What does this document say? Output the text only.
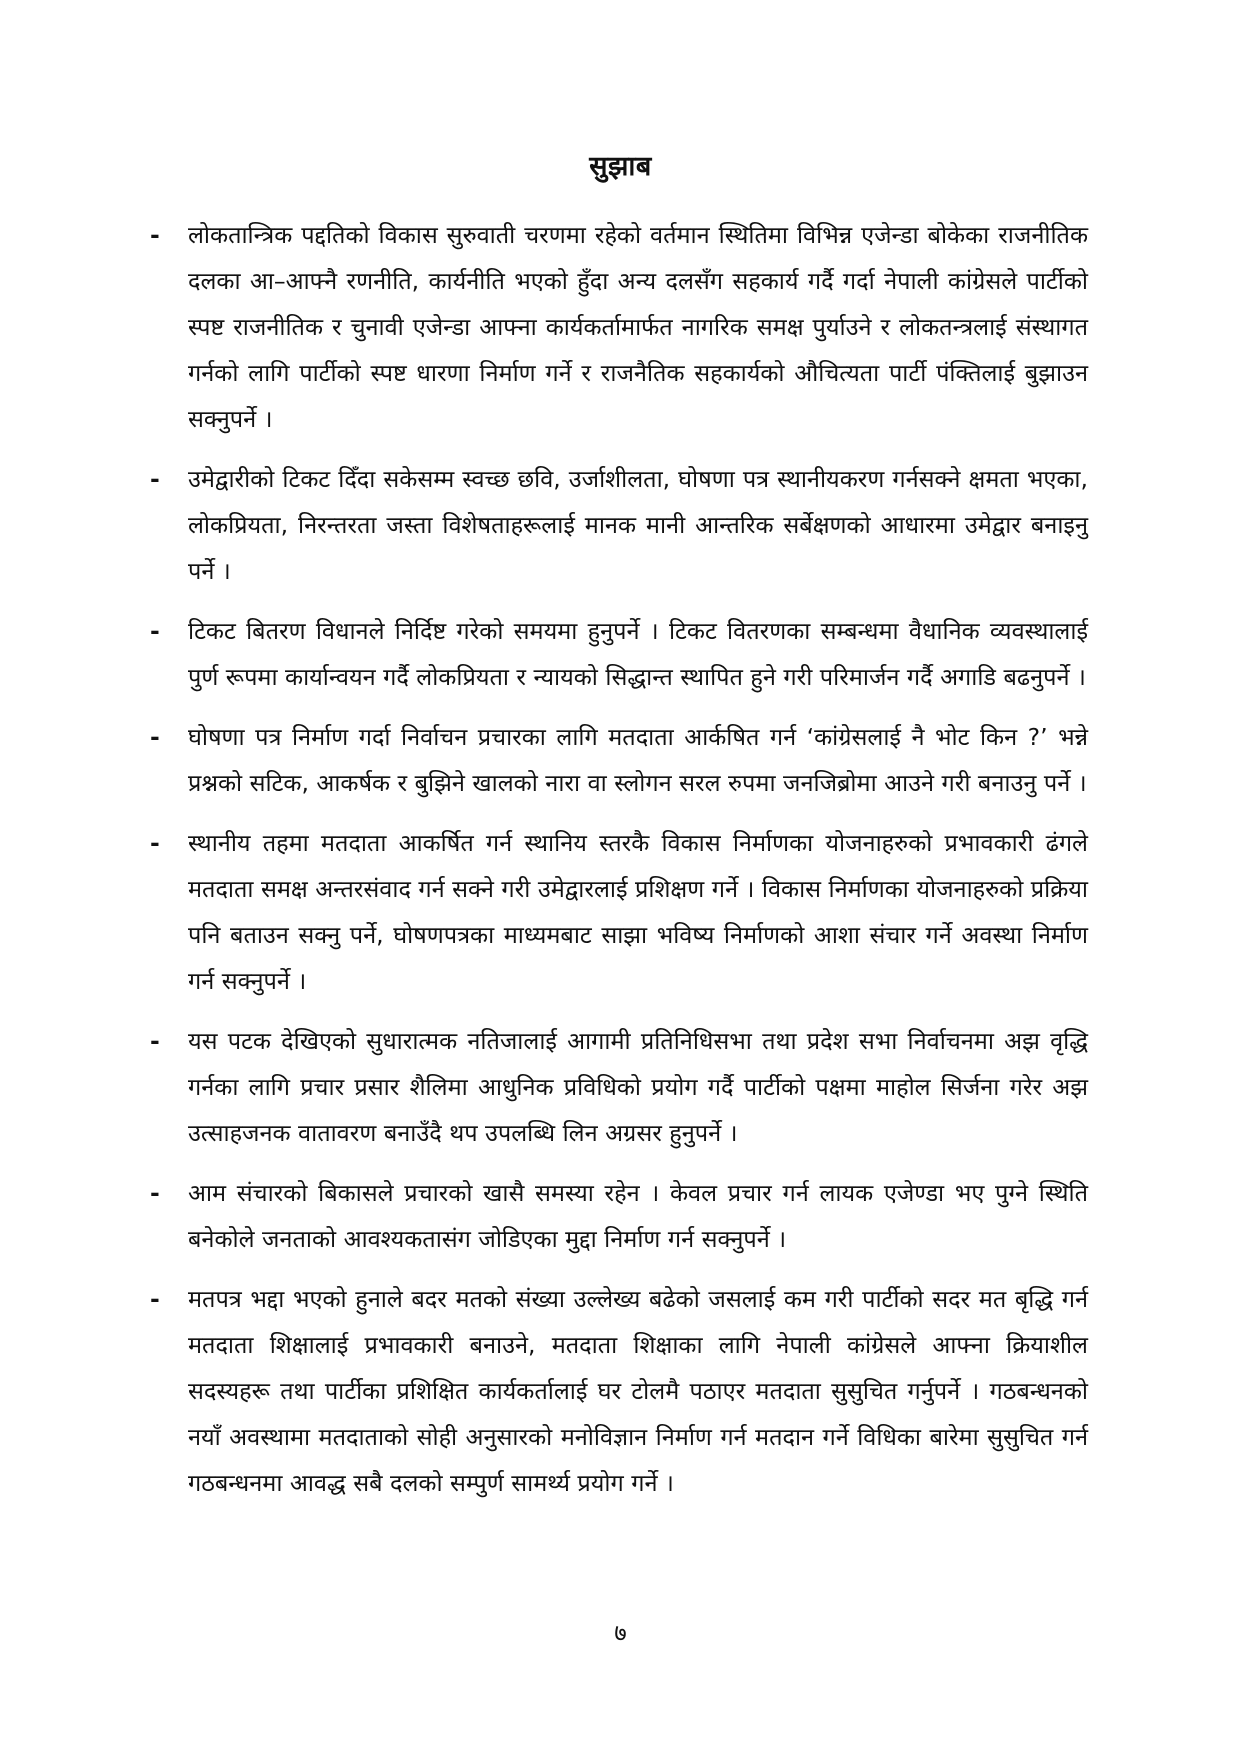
सुझाब
-	लोकतान्त्रिक पद्दतिको विकास सुरुवाती चरणमा रहेको वर्तमान स्थितिमा विभिन्न एजेन्डा बोकेका राजनीतिक दलका आ–आफ्नै रणनीति, कार्यनीति भएको हुँदा अन्य दलसँग सहकार्य गर्दै गर्दा नेपाली कांग्रेसले पार्टीको स्पष्ट राजनीतिक र चुनावी एजेन्डा आफ्ना कार्यकर्तामार्फत नागरिक समक्ष पुर्याउने र लोकतन्त्रलाई संस्थागत गर्नको लागि पार्टीको स्पष्ट धारणा निर्माण गर्ने र राजनैतिक सहकार्यको औचित्यता पार्टी पंक्तिलाई बुझाउन सक्नुपर्ने ।
-	उमेद्वारीको टिकट दिँदा सकेसम्म स्वच्छ छवि, उर्जाशीलता, घोषणा पत्र स्थानीयकरण गर्नसक्ने क्षमता भएका, लोकप्रियता, निरन्तरता जस्ता विशेषताहरूलाई मानक मानी आन्तरिक सर्बेक्षणको आधारमा उमेद्वार बनाइनु पर्ने ।
-	टिकट बितरण विधानले निर्दिष्ट गरेको समयमा हुनुपर्ने । टिकट वितरणका सम्बन्धमा वैधानिक व्यवस्थालाई पुर्ण रूपमा कार्यान्वयन गर्दै लोकप्रियता र न्यायको सिद्धान्त स्थापित हुने गरी परिमार्जन गर्दै अगाडि बढनुपर्ने ।
-	घोषणा पत्र निर्माण गर्दा निर्वाचन प्रचारका लागि मतदाता आर्कषित गर्न ‘कांग्रेसलाई नै भोट किन ?’ भन्ने प्रश्नको सटिक, आकर्षक र बुझिने खालको नारा वा स्लोगन सरल रुपमा जनजिब्रोमा आउने गरी बनाउनु पर्ने ।
-	स्थानीय तहमा मतदाता आकर्षित गर्न स्थानिय स्तरकै विकास निर्माणका योजनाहरुको प्रभावकारी ढंगले मतदाता समक्ष अन्तरसंवाद गर्न सक्ने गरी उमेद्वारलाई प्रशिक्षण गर्ने । विकास निर्माणका योजनाहरुको प्रक्रिया पनि बताउन सक्नु पर्ने, घोषणपत्रका माध्यमबाट साझा भविष्य निर्माणको आशा संचार गर्ने अवस्था निर्माण गर्न सक्नुपर्ने ।
-	यस पटक देखिएको सुधारात्मक नतिजालाई आगामी प्रतिनिधिसभा तथा प्रदेश सभा निर्वाचनमा अझ वृद्धि गर्नका लागि प्रचार प्रसार शैलिमा आधुनिक प्रविधिको प्रयोग गर्दै पार्टीको पक्षमा माहोल सिर्जना गरेर अझ उत्साहजनक वातावरण बनाउँदै थप उपलब्धि लिन अग्रसर हुनुपर्ने ।
-	आम संचारको बिकासले प्रचारको खासै समस्या रहेन । केवल प्रचार गर्न लायक एजेण्डा भए पुग्ने स्थिति बनेकोले जनताको आवश्यकतासंग जोडिएका मुद्दा निर्माण गर्न सक्नुपर्ने ।
-	मतपत्र भद्दा भएको हुनाले बदर मतको संख्या उल्लेख्य बढेको जसलाई कम गरी पार्टीको सदर मत बृद्धि गर्न मतदाता शिक्षालाई प्रभावकारी बनाउने, मतदाता शिक्षाका लागि नेपाली कांग्रेसले आफ्ना क्रियाशील सदस्यहरू तथा पार्टीका प्रशिक्षित कार्यकर्तालाई घर टोलमै पठाएर मतदाता सुसुचित गर्नुपर्ने । गठबन्धनको नयाँ अवस्थामा मतदाताको सोही अनुसारको मनोविज्ञान निर्माण गर्न मतदान गर्ने विधिका बारेमा सुसुचित गर्न गठबन्धनमा आवद्ध सबै दलको सम्पुर्ण सामर्थ्य प्रयोग गर्ने ।
७
